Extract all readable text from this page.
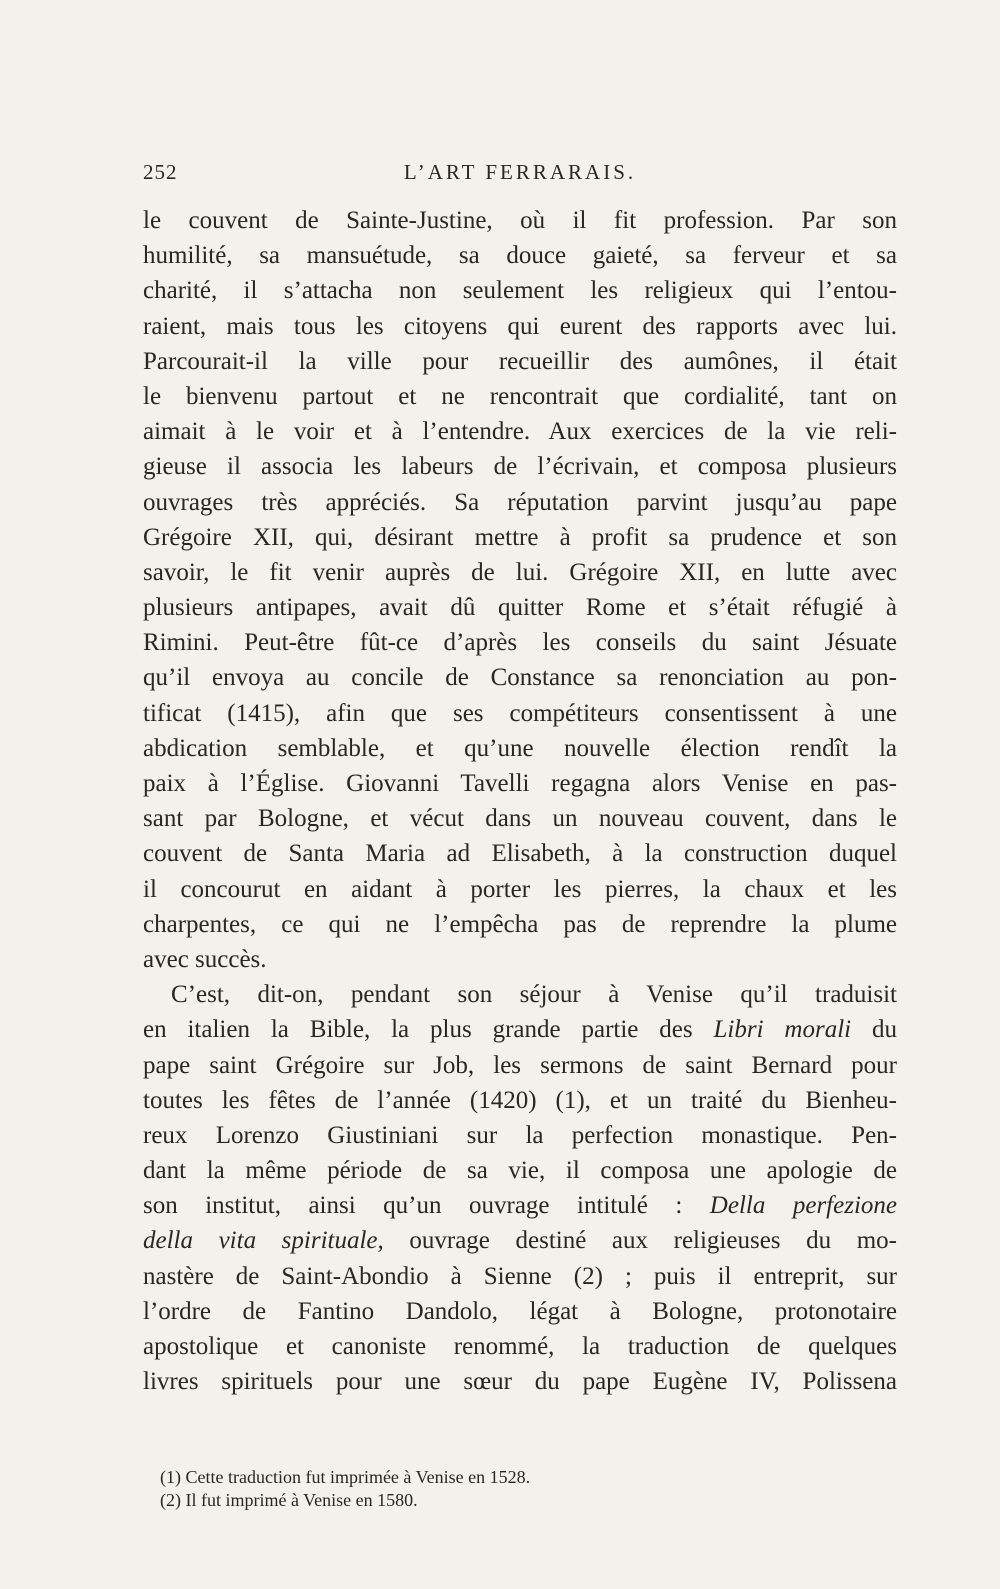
252	L’ART FERRARAIS.
le couvent de Sainte-Justine, où il fit profession. Par son
humilité, sa mansuétude, sa douce gaieté, sa ferveur et sa
charité, il s’attacha non seulement les religieux qui l’entou-
raient, mais tous les citoyens qui eurent des rapports avec lui.
Parcourait-il la ville pour recueillir des aumônes, il était
le bienvenu partout et ne rencontrait que cordialité, tant on
aimait à le voir et à l’entendre. Aux exercices de la vie reli-
gieuse il associa les labeurs de l’écrivain, et composa plusieurs
ouvrages très appréciés. Sa réputation parvint jusqu’au pape
Grégoire XII, qui, désirant mettre à profit sa prudence et son
savoir, le fit venir auprès de lui. Grégoire XII, en lutte avec
plusieurs antipapes, avait dû quitter Rome et s’était réfugié à
Rimini. Peut-être fût-ce d’après les conseils du saint Jésuate
qu’il envoya au concile de Constance sa renonciation au pon-
tificat (1415), afin que ses compétiteurs consentissent à une
abdication semblable, et qu’une nouvelle élection rendît la
paix à l’Église. Giovanni Tavelli regagna alors Venise en pas-
sant par Bologne, et vécut dans un nouveau couvent, dans le
couvent de Santa Maria ad Elisabeth, à la construction duquel
il concourut en aidant à porter les pierres, la chaux et les
charpentes, ce qui ne l’empêcha pas de reprendre la plume
avec succès.
C’est, dit-on, pendant son séjour à Venise qu’il traduisit
en italien la Bible, la plus grande partie des Libri morali du
pape saint Grégoire sur Job, les sermons de saint Bernard pour
toutes les fêtes de l’année (1420) (1), et un traité du Bienheu-
reux Lorenzo Giustiniani sur la perfection monastique. Pen-
dant la même période de sa vie, il composa une apologie de
son institut, ainsi qu’un ouvrage intitulé : Della perfezione
della vita spirituale, ouvrage destiné aux religieuses du mo-
nastère de Saint-Abondio à Sienne (2) ; puis il entreprit, sur
l’ordre de Fantino Dandolo, légat à Bologne, protonotaire
apostolique et canoniste renommé, la traduction de quelques
livres spirituels pour une sœur du pape Eugène IV, Polissena
(1) Cette traduction fut imprimée à Venise en 1528.
(2) Il fut imprimé à Venise en 1580.
